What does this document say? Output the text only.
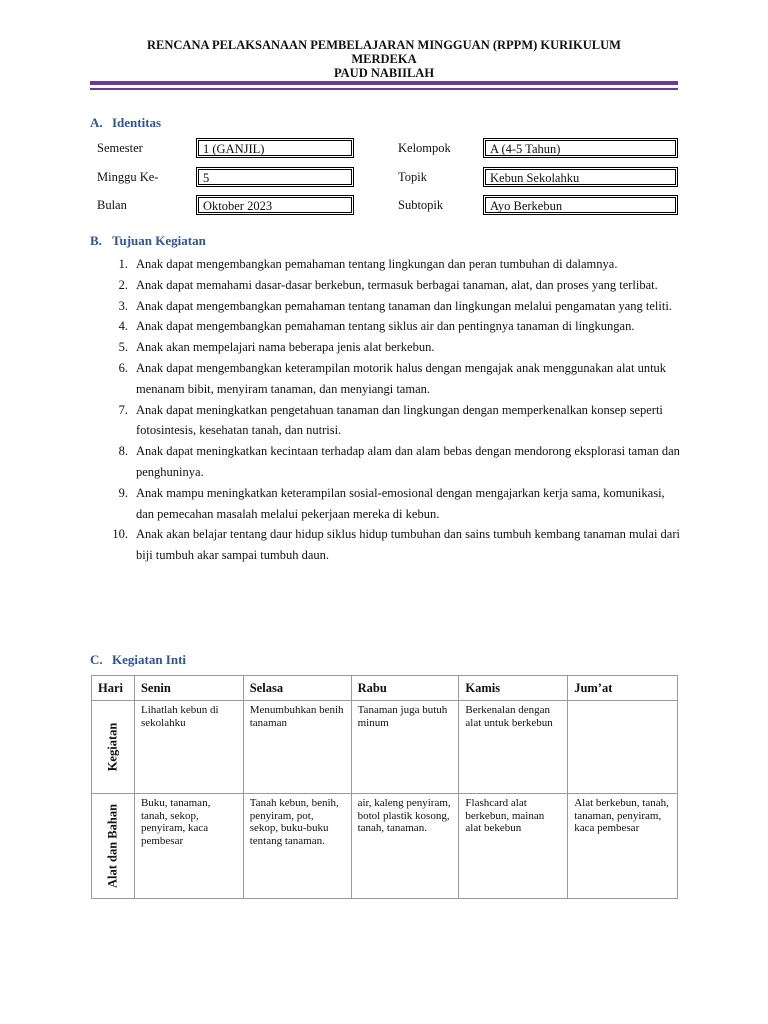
RENCANA PELAKSANAAN PEMBELAJARAN MINGGUAN (RPPM) KURIKULUM
MERDEKA
PAUD NABIILAH
A. Identitas
Semester	1 (GANJIL)
Minggu Ke-	5
Bulan	Oktober 2023
Kelompok	A (4-5 Tahun)
Topik	Kebun Sekolahku
Subtopik	Ayo Berkebun
B. Tujuan Kegiatan
1. Anak dapat mengembangkan pemahaman tentang lingkungan dan peran tumbuhan di dalamnya.
2. Anak dapat memahami dasar-dasar berkebun, termasuk berbagai tanaman, alat, dan proses yang terlibat.
3. Anak dapat mengembangkan pemahaman tentang tanaman dan lingkungan melalui pengamatan yang teliti.
4. Anak dapat mengembangkan pemahaman tentang siklus air dan pentingnya tanaman di lingkungan.
5. Anak akan mempelajari nama beberapa jenis alat berkebun.
6. Anak dapat mengembangkan keterampilan motorik halus dengan mengajak anak menggunakan alat untuk menanam bibit, menyiram tanaman, dan menyiangi taman.
7. Anak dapat meningkatkan pengetahuan tanaman dan lingkungan dengan memperkenalkan konsep seperti fotosintesis, kesehatan tanah, dan nutrisi.
8. Anak dapat meningkatkan kecintaan terhadap alam dan alam bebas dengan mendorong eksplorasi taman dan penghuninya.
9. Anak mampu meningkatkan keterampilan sosial-emosional dengan mengajarkan kerja sama, komunikasi, dan pemecahan masalah melalui pekerjaan mereka di kebun.
10. Anak akan belajar tentang daur hidup siklus hidup tumbuhan dan sains tumbuh kembang tanaman mulai dari biji tumbuh akar sampai tumbuh daun.
C. Kegiatan Inti
Hari	Senin	Selasa	Rabu	Kamis	Jum’at

Kegiatan	Lihatlah kebun di sekolahku	Menumbuhkan benih tanaman	Tanaman juga butuh minum	Berkenalan dengan alat untuk berkebun	

Alat dan Bahan	Buku, tanaman, tanah, sekop, penyiram, kaca pembesar	Tanah kebun, benih, penyiram, pot, sekop, buku-buku tentang tanaman.	air, kaleng penyiram, botol plastik kosong, tanah, tanaman.	Flashcard alat berkebun, mainan alat bekebun	Alat berkebun, tanah, tanaman, penyiram, kaca pembesar
